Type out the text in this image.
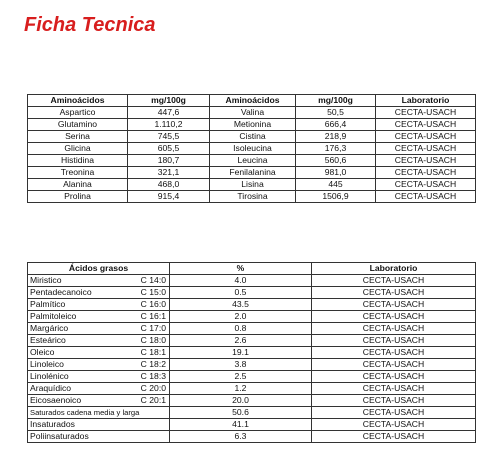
Ficha Tecnica
Aminoácidos	mg/100g	Aminoácidos	mg/100g	Laboratorio
Aspartico	447,6	Valina	50,5	CECTA-USACH
Glutamino	1.110,2	Metionina	666,4	CECTA-USACH
Serina	745,5	Cistina	218,9	CECTA-USACH
Glicina	605,5	Isoleucina	176,3	CECTA-USACH
Histidina	180,7	Leucina	560,6	CECTA-USACH
Treonina	321,1	Fenilalanina	981,0	CECTA-USACH
Alanina	468,0	Lisina	445	CECTA-USACH
Prolina	915,4	Tirosina	1506,9	CECTA-USACH
Ácidos grasos	%	Laboratorio
Miristico C 14:0	4.0	CECTA-USACH
Pentadecanoico C 15:0	0.5	CECTA-USACH
Palmítico C 16:0	43.5	CECTA-USACH
Palmitoleico C 16:1	2.0	CECTA-USACH
Margárico C 17:0	0.8	CECTA-USACH
Esteárico C 18:0	2.6	CECTA-USACH
Oleico C 18:1	19.1	CECTA-USACH
Linoleico C 18:2	3.8	CECTA-USACH
Linolénico C 18:3	2.5	CECTA-USACH
Araquídico C 20:0	1.2	CECTA-USACH
Eicosaenoico C 20:1	20.0	CECTA-USACH
Saturados cadena media y larga	50.6	CECTA-USACH
Insaturados	41.1	CECTA-USACH
Poliinsaturados	6.3	CECTA-USACH
